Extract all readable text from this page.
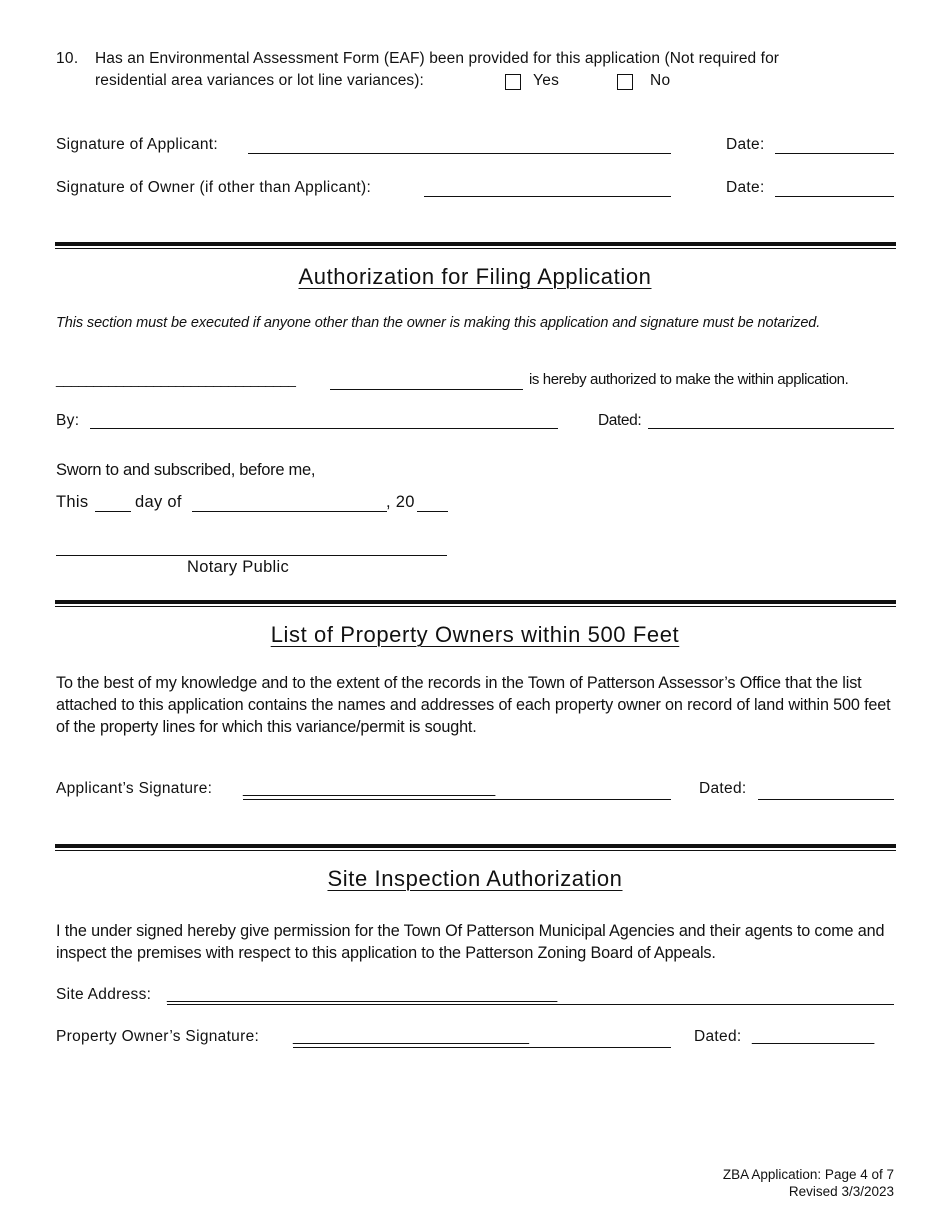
10. Has an Environmental Assessment Form (EAF) been provided for this application (Not required for
residential area variances or lot line variances):	Yes	No
Signature of Applicant:	Date:
Signature of Owner (if other than Applicant):	Date:
Authorization for Filing Application
This section must be executed if anyone other than the owner is making this application and signature must be notarized.
________________________________	is hereby authorized to make the within application.
By:	Dated:
Sworn to and subscribed, before me,
This	day of	, 20
Notary Public
List of Property Owners within 500 Feet
To the best of my knowledge and to the extent of the records in the Town of Patterson Assessor’s Office that the list attached to this application contains the names and addresses of each property owner on record of land within 500 feet of the property lines for which this variance/permit is sought.
Applicant’s Signature: _______________________________	Dated:
Site Inspection Authorization
I the under signed hereby give permission for the Town Of Patterson Municipal Agencies and their agents to come and inspect the premises with respect to this application to the Patterson Zoning Board of Appeals.
Site Address: ________________________________________________
Property Owner’s Signature: _____________________________	Dated: _______________
ZBA Application: Page 4 of 7
Revised 3/3/2023
